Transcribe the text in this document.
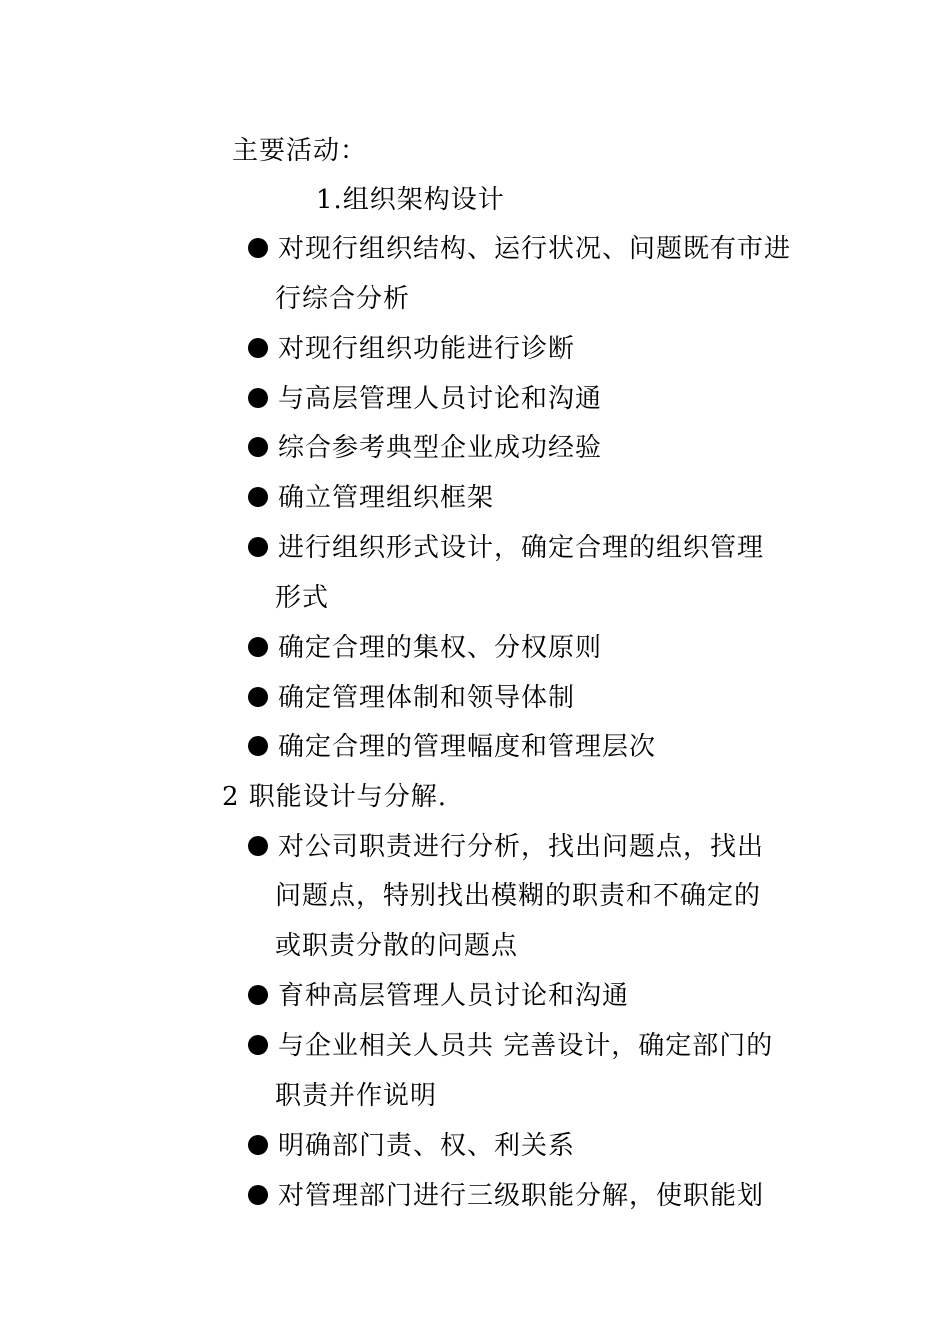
主要活动：
1.组织架构设计
对现行组织结构、运行状况、问题既有市进
行综合分析
对现行组织功能进行诊断
与高层管理人员讨论和沟通
综合参考典型企业成功经验
确立管理组织框架
进行组织形式设计，确定合理的组织管理
形式
确定合理的集权、分权原则
确定管理体制和领导体制
确定合理的管理幅度和管理层次
2 职能设计与分解.
对公司职责进行分析，找出问题点，找出
问题点，特别找出模糊的职责和不确定的
或职责分散的问题点
育种高层管理人员讨论和沟通
与企业相关人员共 完善设计，确定部门的
职责并作说明
明确部门责、权、利关系
对管理部门进行三级职能分解，使职能划
